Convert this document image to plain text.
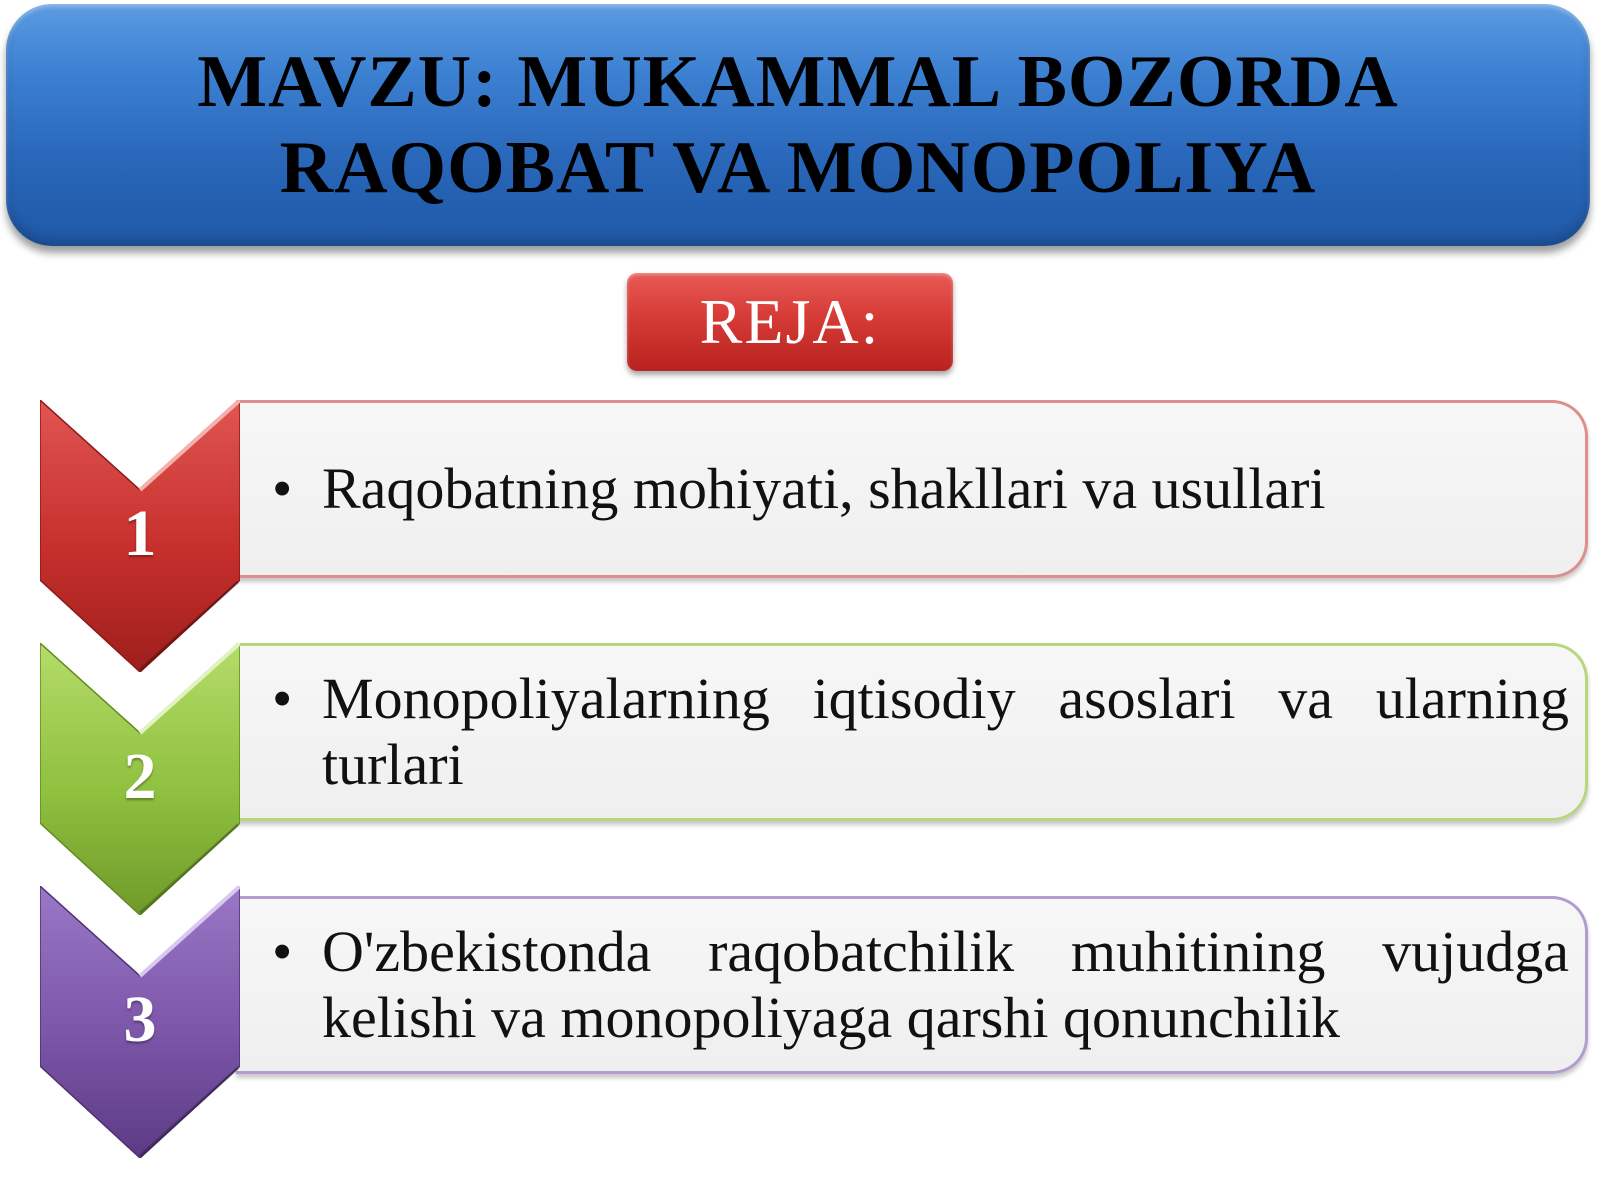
MAVZU: MUKAMMAL BOZORDA
RAQOBAT VA MONOPOLIYA
REJA:
• Raqobatning mohiyati, shakllari va usullari
1
• Monopoliyalarning iqtisodiy asoslari va ularning turlari
2
• O'zbekistonda raqobatchilik muhitining vujudga kelishi va monopoliyaga qarshi qonunchilik
3
